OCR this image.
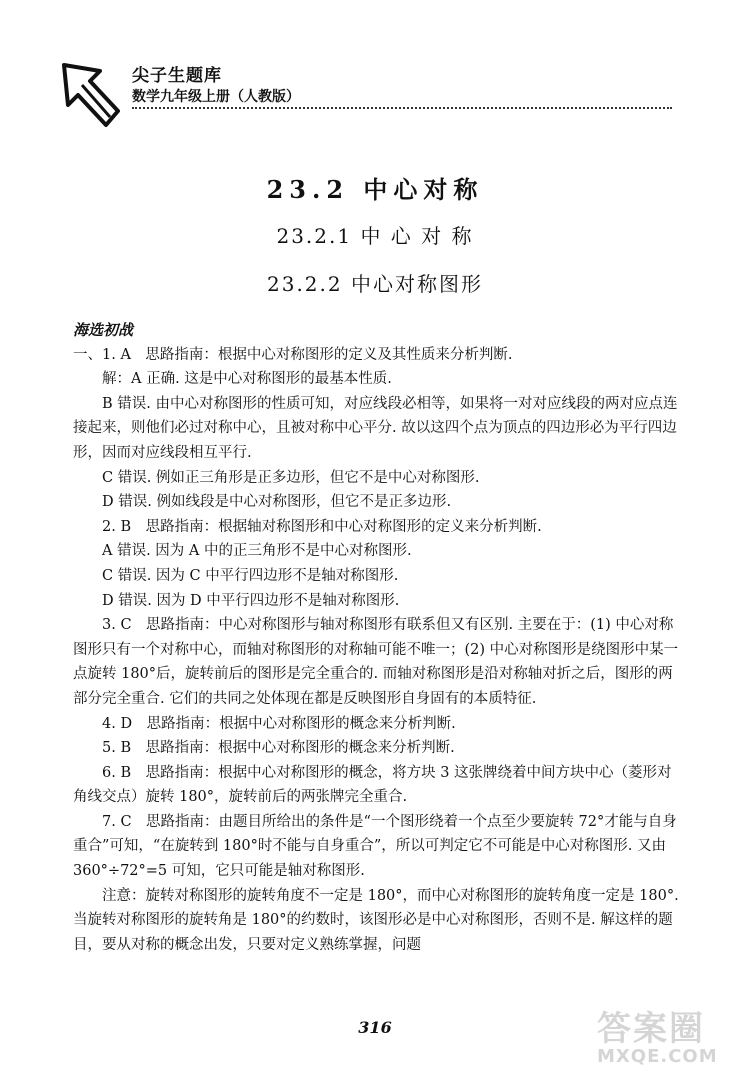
尖子生题库
数学九年级上册（人教版）
23.2 中心对称
23.2.1 中 心 对 称
23.2.2 中心对称图形

海选初战

一、1. A　思路指南：根据中心对称图形的定义及其性质来分析判断.

解：A 正确. 这是中心对称图形的最基本性质.

B 错误. 由中心对称图形的性质可知，对应线段必相等，如果将一对对应线段的两对应点连接起来，则他们必过对称中心，且被对称中心平分. 故以这四个点为顶点的四边形必为平行四边形，因而对应线段相互平行.

C 错误. 例如正三角形是正多边形，但它不是中心对称图形.

D 错误. 例如线段是中心对称图形，但它不是正多边形.

2. B　思路指南：根据轴对称图形和中心对称图形的定义来分析判断.

A 错误. 因为 A 中的正三角形不是中心对称图形.

C 错误. 因为 C 中平行四边形不是轴对称图形.

D 错误. 因为 D 中平行四边形不是轴对称图形.

3. C　思路指南：中心对称图形与轴对称图形有联系但又有区别. 主要在于：(1) 中心对称图形只有一个对称中心，而轴对称图形的对称轴可能不唯一；(2) 中心对称图形是绕图形中某一点旋转 180°后，旋转前后的图形是完全重合的. 而轴对称图形是沿对称轴对折之后，图形的两部分完全重合. 它们的共同之处体现在都是反映图形自身固有的本质特征.

4. D　思路指南：根据中心对称图形的概念来分析判断.

5. B　思路指南：根据中心对称图形的概念来分析判断.

6. B　思路指南：根据中心对称图形的概念，将方块 3 这张牌绕着中间方块中心（菱形对角线交点）旋转 180°，旋转前后的两张牌完全重合.

7. C　思路指南：由题目所给出的条件是“一个图形绕着一个点至少要旋转 72°才能与自身重合”可知，“在旋转到 180°时不能与自身重合”，所以可判定它不可能是中心对称图形. 又由 360°÷72°=5 可知，它只可能是轴对称图形.

注意：旋转对称图形的旋转角度不一定是 180°，而中心对称图形的旋转角度一定是 180°. 当旋转对称图形的旋转角是 180°的约数时，该图形必是中心对称图形，否则不是. 解这样的题目，要从对称的概念出发，只要对定义熟练掌握，问题

316	答案圈
MXQE.COM
